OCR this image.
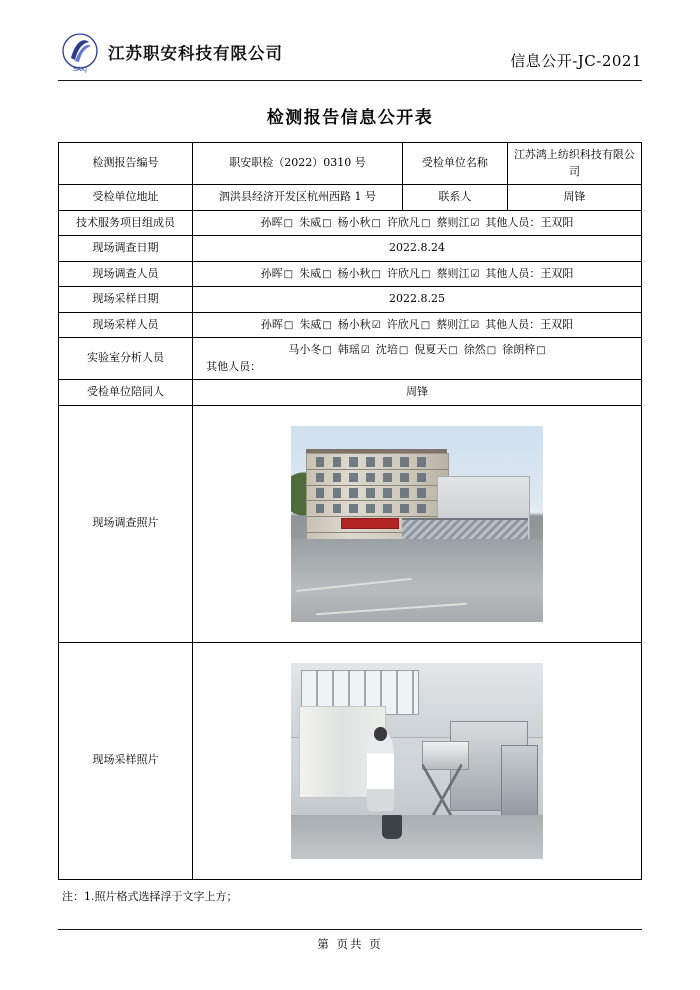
SAKJ
江苏职安科技有限公司	信息公开-JC-2021
检测报告信息公开表
检测报告编号	职安职检（2022）0310 号	受检单位名称	江苏鸿上纺织科技有限公司
受检单位地址	泗洪县经济开发区杭州西路 1 号	联系人	周锋
技术服务项目组成员	孙晖□ 朱威□ 杨小秋□ 许欣凡□ 蔡则江☑ 其他人员：王双阳		

现场调查日期	2022.8.24		
现场调查人员	孙晖□ 朱威□ 杨小秋□ 许欣凡□ 蔡则江☑ 其他人员：王双阳		

现场采样日期	2022.8.25		
现场采样人员	孙晖□ 朱威□ 杨小秋☑ 许欣凡□ 蔡则江☑ 其他人员：王双阳		

实验室分析人员	马小冬□ 韩瑶☑ 沈培□ 倪夏天□ 徐然□ 徐朗梓□
其他人员：		

受检单位陪同人	周锋		
现场调查照片			

现场采样照片			
注：1.照片格式选择浮于文字上方；
第 页共 页
